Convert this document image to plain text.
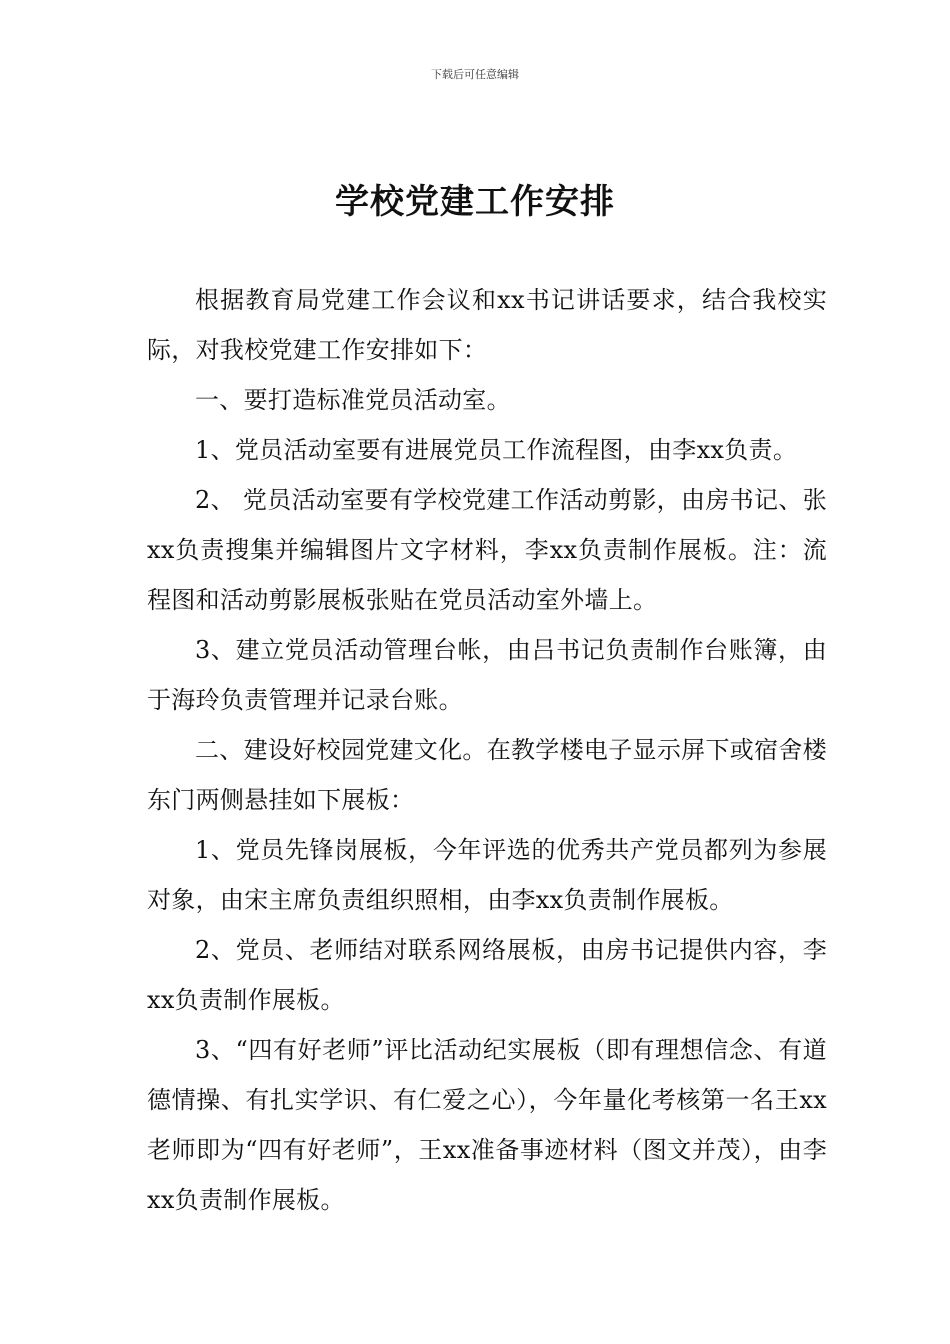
下载后可任意编辑
学校党建工作安排

根据教育局党建工作会议和xx书记讲话要求，结合我校实际，对我校党建工作安排如下：

一、要打造标准党员活动室。

1、党员活动室要有进展党员工作流程图，由李xx负责。

2、 党员活动室要有学校党建工作活动剪影，由房书记、张xx负责搜集并编辑图片文字材料，李xx负责制作展板。注：流程图和活动剪影展板张贴在党员活动室外墙上。

3、建立党员活动管理台帐，由吕书记负责制作台账簿，由于海玲负责管理并记录台账。

二、建设好校园党建文化。在教学楼电子显示屏下或宿舍楼东门两侧悬挂如下展板：

1、党员先锋岗展板，今年评选的优秀共产党员都列为参展对象，由宋主席负责组织照相，由李xx负责制作展板。

2、党员、老师结对联系网络展板，由房书记提供内容，李xx负责制作展板。

3、“四有好老师”评比活动纪实展板（即有理想信念、有道德情操、有扎实学识、有仁爱之心），今年量化考核第一名王xx老师即为“四有好老师”，王xx准备事迹材料（图文并茂），由李xx负责制作展板。
